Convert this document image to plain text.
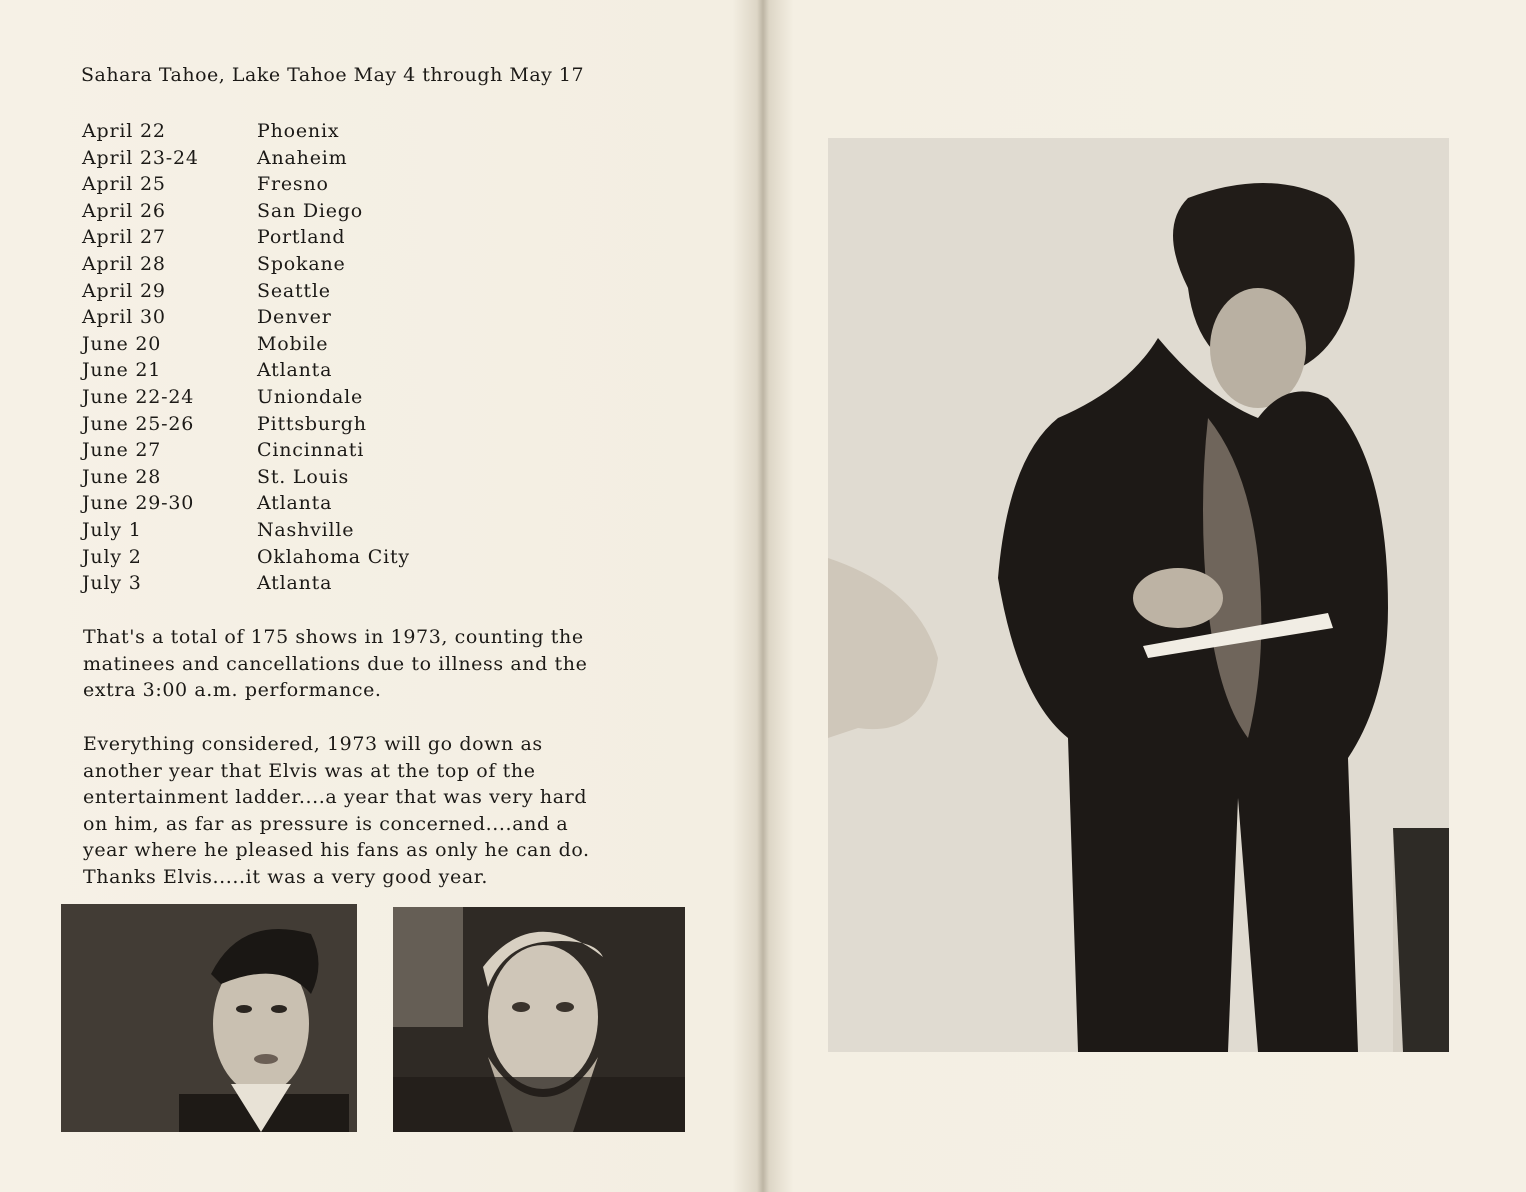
Sahara Tahoe, Lake Tahoe May 4 through May 17
April 22	Phoenix
April 23-24	Anaheim
April 25	Fresno
April 26	San Diego
April 27	Portland
April 28	Spokane
April 29	Seattle
April 30	Denver
June 20	Mobile
June 21	Atlanta
June 22-24	Uniondale
June 25-26	Pittsburgh
June 27	Cincinnati
June 28	St. Louis
June 29-30	Atlanta
July 1	Nashville
July 2	Oklahoma City
July 3	Atlanta
That's a total of 175 shows in 1973, counting the
matinees and cancellations due to illness and the
extra 3:00 a.m. performance.
Everything considered, 1973 will go down as
another year that Elvis was at the top of the
entertainment ladder....a year that was very hard
on him, as far as pressure is concerned....and a
year where he pleased his fans as only he can do.
Thanks Elvis.....it was a very good year.
